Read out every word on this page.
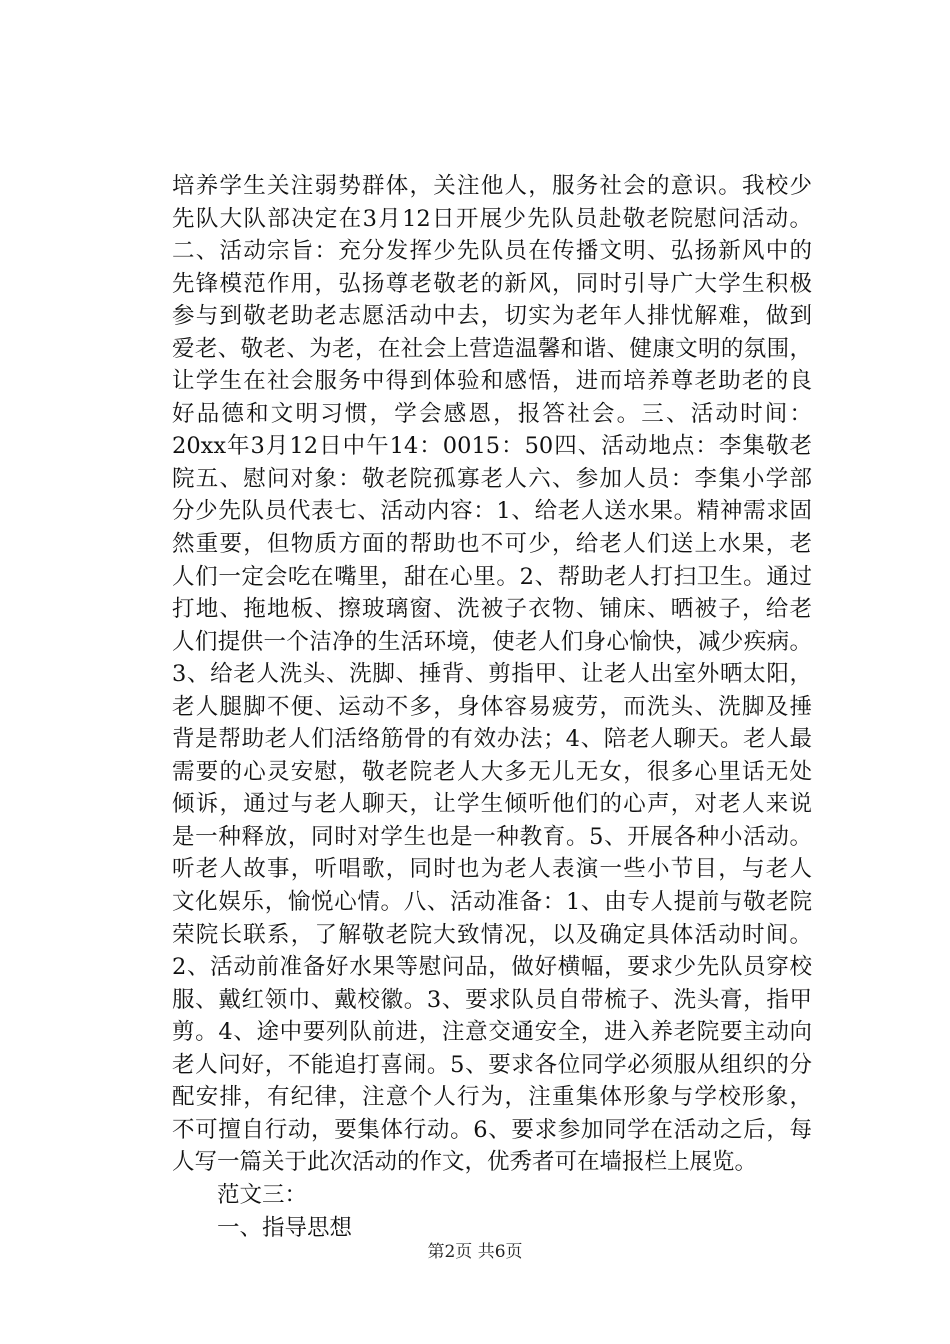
培养学生关注弱势群体，关注他人，服务社会的意识。我校少
先队大队部决定在3月12日开展少先队员赴敬老院慰问活动。
二、活动宗旨：充分发挥少先队员在传播文明、弘扬新风中的
先锋模范作用，弘扬尊老敬老的新风，同时引导广大学生积极
参与到敬老助老志愿活动中去，切实为老年人排忧解难，做到
爱老、敬老、为老，在社会上营造温馨和谐、健康文明的氛围，
让学生在社会服务中得到体验和感悟，进而培养尊老助老的良
好品德和文明习惯，学会感恩，报答社会。三、活动时间：
20xx年3月12日中午14：0015：50四、活动地点：李集敬老
院五、慰问对象：敬老院孤寡老人六、参加人员：李集小学部
分少先队员代表七、活动内容：1、给老人送水果。精神需求固
然重要，但物质方面的帮助也不可少，给老人们送上水果，老
人们一定会吃在嘴里，甜在心里。2、帮助老人打扫卫生。通过
打地、拖地板、擦玻璃窗、洗被子衣物、铺床、晒被子，给老
人们提供一个洁净的生活环境，使老人们身心愉快，减少疾病。
3、给老人洗头、洗脚、捶背、剪指甲、让老人出室外晒太阳，
老人腿脚不便、运动不多，身体容易疲劳，而洗头、洗脚及捶
背是帮助老人们活络筋骨的有效办法；4、陪老人聊天。老人最
需要的心灵安慰，敬老院老人大多无儿无女，很多心里话无处
倾诉，通过与老人聊天，让学生倾听他们的心声，对老人来说
是一种释放，同时对学生也是一种教育。5、开展各种小活动。
听老人故事，听唱歌，同时也为老人表演一些小节目，与老人
文化娱乐，愉悦心情。八、活动准备：1、由专人提前与敬老院
荣院长联系，了解敬老院大致情况，以及确定具体活动时间。
2、活动前准备好水果等慰问品，做好横幅，要求少先队员穿校
服、戴红领巾、戴校徽。3、要求队员自带梳子、洗头膏，指甲
剪。4、途中要列队前进，注意交通安全，进入养老院要主动向
老人问好，不能追打喜闹。5、要求各位同学必须服从组织的分
配安排，有纪律，注意个人行为，注重集体形象与学校形象，
不可擅自行动，要集体行动。6、要求参加同学在活动之后，每
人写一篇关于此次活动的作文，优秀者可在墙报栏上展览。
范文三：
一、指导思想
第2页 共6页
